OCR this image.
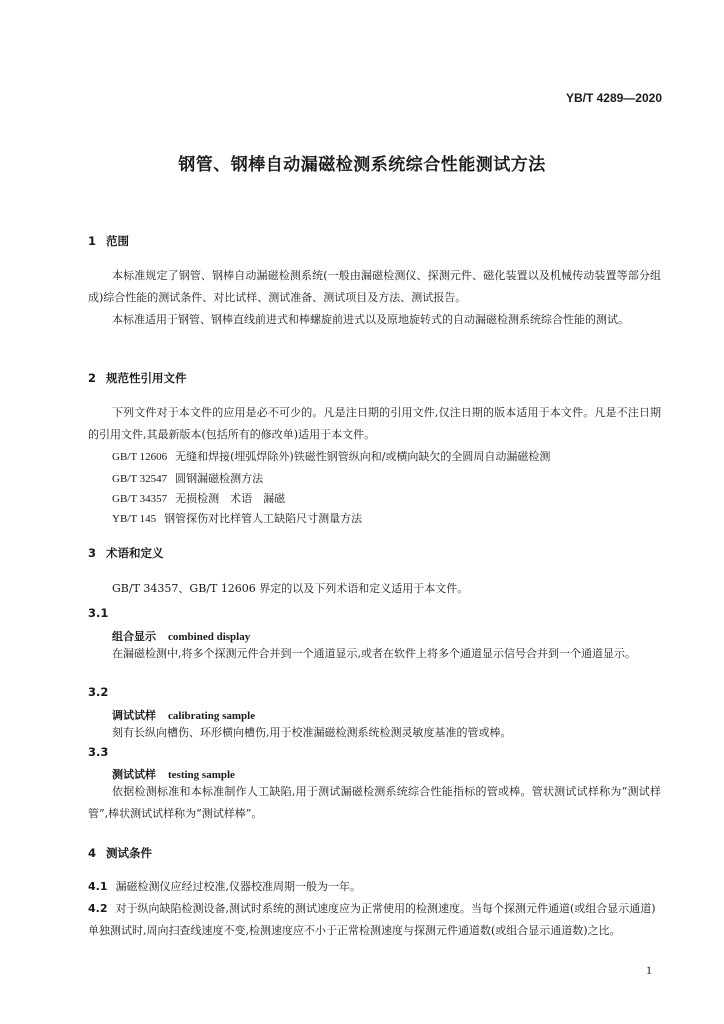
YB/T 4289—2020
钢管、钢棒自动漏磁检测系统综合性能测试方法
1 范围
本标准规定了钢管、钢棒自动漏磁检测系统(一般由漏磁检测仪、探测元件、磁化装置以及机械传动装置等部分组成)综合性能的测试条件、对比试样、测试准备、测试项目及方法、测试报告。
本标准适用于钢管、钢棒直线前进式和棒螺旋前进式以及原地旋转式的自动漏磁检测系统综合性能的测试。
2 规范性引用文件
下列文件对于本文件的应用是必不可少的。凡是注日期的引用文件,仅注日期的版本适用于本文件。凡是不注日期的引用文件,其最新版本(包括所有的修改单)适用于本文件。
GB/T 12606 无缝和焊接(埋弧焊除外)铁磁性钢管纵向和/或横向缺欠的全圆周自动漏磁检测
GB/T 32547 圆钢漏磁检测方法
GB/T 34357 无损检测　术语　漏磁
YB/T 145 钢管探伤对比样管人工缺陷尺寸测量方法
3 术语和定义
GB/T 34357、GB/T 12606 界定的以及下列术语和定义适用于本文件。
3.1
组合显示 combined display
在漏磁检测中,将多个探测元件合并到一个通道显示,或者在软件上将多个通道显示信号合并到一个通道显示。
3.2
调试试样 calibrating sample
刻有长纵向槽伤、环形横向槽伤,用于校准漏磁检测系统检测灵敏度基准的管或棒。
3.3
测试试样 testing sample
依据检测标准和本标准制作人工缺陷,用于测试漏磁检测系统综合性能指标的管或棒。管状测试试样称为“测试样管”,棒状测试试样称为“测试样棒”。
4 测试条件
4.1 漏磁检测仪应经过校准,仪器校准周期一般为一年。
4.2 对于纵向缺陷检测设备,测试时系统的测试速度应为正常使用的检测速度。当每个探测元件通道(或组合显示通道)单独测试时,周向扫查线速度不变,检测速度应不小于正常检测速度与探测元件通道数(或组合显示通道数)之比。
1
